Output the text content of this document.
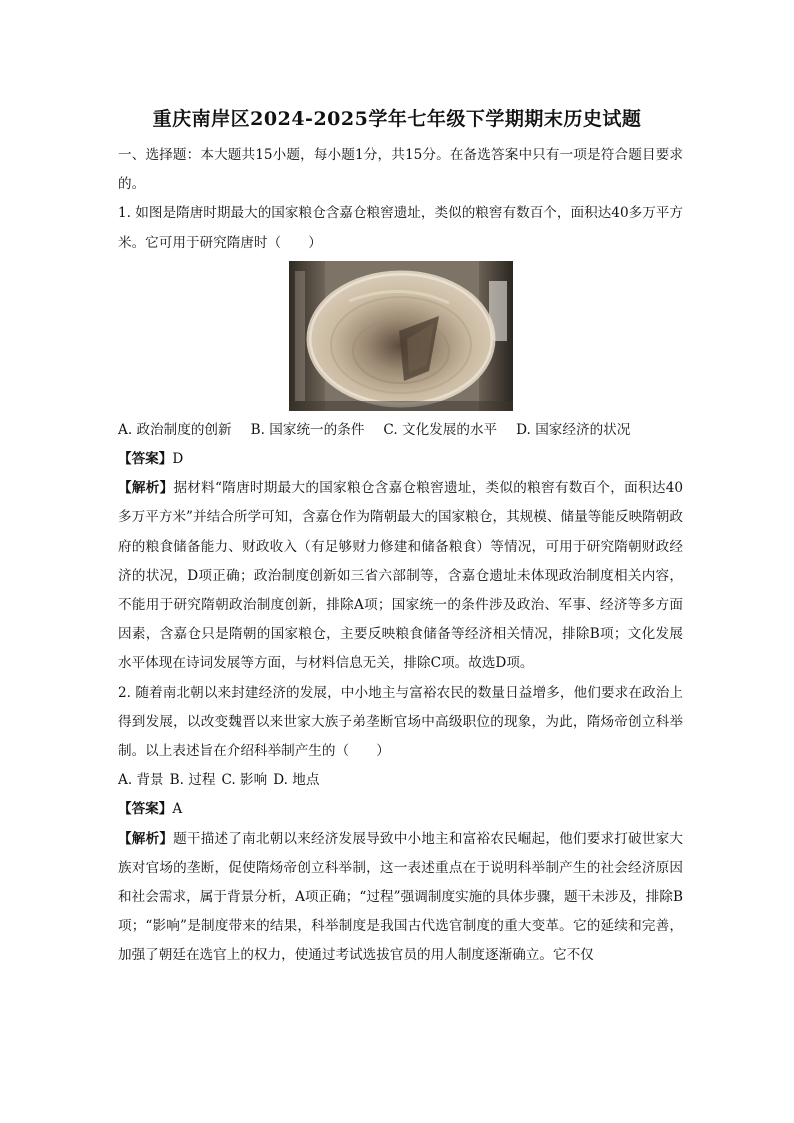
重庆南岸区2024-2025学年七年级下学期期末历史试题

一、选择题：本大题共15小题，每小题1分，共15分。在备选答案中只有一项是符合题目要求的。

1. 如图是隋唐时期最大的国家粮仓含嘉仓粮窖遗址，类似的粮窖有数百个，面积达40多万平方米。它可用于研究隋唐时（　　）

A. 政治制度的创新 B. 国家统一的条件 C. 文化发展的水平 D. 国家经济的状况

【答案】D

【解析】据材料“隋唐时期最大的国家粮仓含嘉仓粮窖遗址，类似的粮窖有数百个，面积达40多万平方米”并结合所学可知，含嘉仓作为隋朝最大的国家粮仓，其规模、储量等能反映隋朝政府的粮食储备能力、财政收入（有足够财力修建和储备粮食）等情况，可用于研究隋朝财政经济的状况，D项正确；政治制度创新如三省六部制等，含嘉仓遗址未体现政治制度相关内容，不能用于研究隋朝政治制度创新，排除A项；国家统一的条件涉及政治、军事、经济等多方面因素，含嘉仓只是隋朝的国家粮仓，主要反映粮食储备等经济相关情况，排除B项；文化发展水平体现在诗词发展等方面，与材料信息无关，排除C项。故选D项。

2. 随着南北朝以来封建经济的发展，中小地主与富裕农民的数量日益增多，他们要求在政治上得到发展，以改变魏晋以来世家大族子弟垄断官场中高级职位的现象，为此，隋炀帝创立科举制。以上表述旨在介绍科举制产生的（　　）

A. 背景 B. 过程 C. 影响 D. 地点

【答案】A

【解析】题干描述了南北朝以来经济发展导致中小地主和富裕农民崛起，他们要求打破世家大族对官场的垄断，促使隋炀帝创立科举制，这一表述重点在于说明科举制产生的社会经济原因和社会需求，属于背景分析，A项正确；“过程”强调制度实施的具体步骤，题干未涉及，排除B项；“影响”是制度带来的结果，科举制度是我国古代选官制度的重大变革。它的延续和完善，加强了朝廷在选官上的权力，使通过考试选拔官员的用人制度逐渐确立。它不仅
